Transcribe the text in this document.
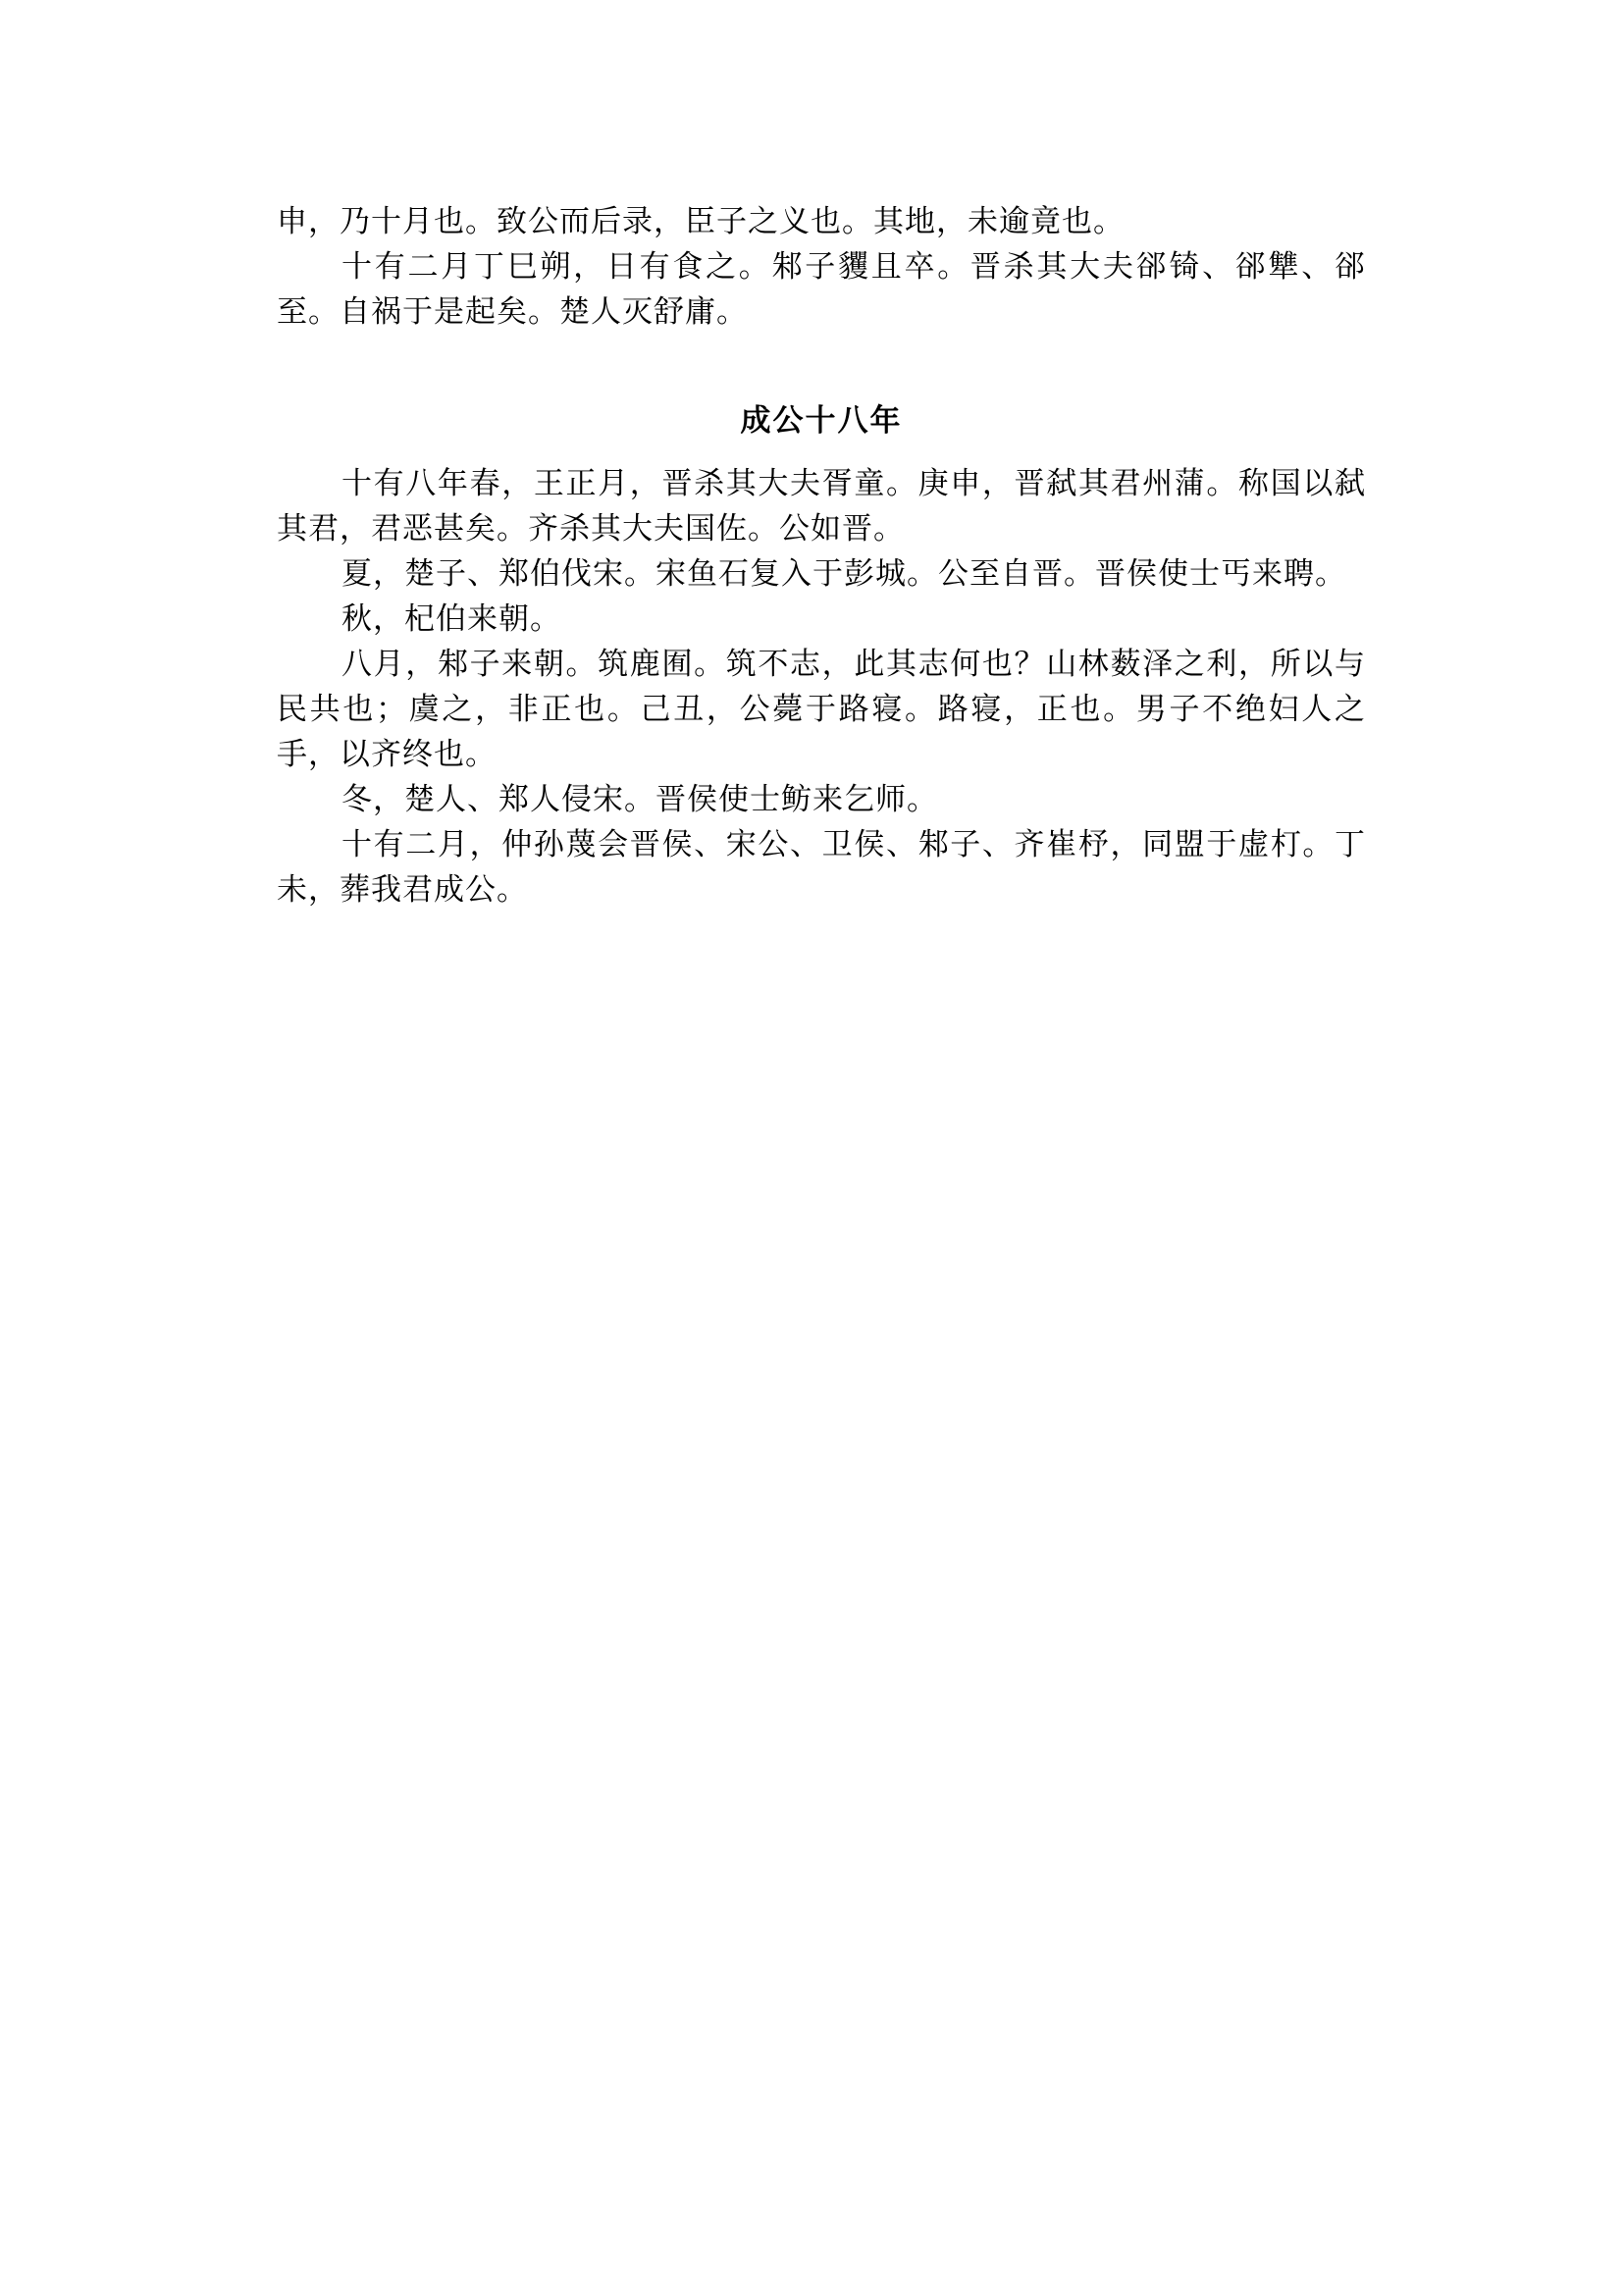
申，乃十月也。致公而后录，臣子之义也。其地，未逾竟也。

十有二月丁巳朔，日有食之。邾子貜且卒。晋杀其大夫郤锜、郤犨、郤至。自祸于是起矣。楚人灭舒庸。

成公十八年

十有八年春，王正月，晋杀其大夫胥童。庚申，晋弑其君州蒲。称国以弑其君，君恶甚矣。齐杀其大夫国佐。公如晋。

夏，楚子、郑伯伐宋。宋鱼石复入于彭城。公至自晋。晋侯使士丐来聘。

秋，杞伯来朝。

八月，邾子来朝。筑鹿囿。筑不志，此其志何也？山林薮泽之利，所以与民共也；虞之，非正也。己丑，公薨于路寝。路寝，正也。男子不绝妇人之手，以齐终也。

冬，楚人、郑人侵宋。晋侯使士鲂来乞师。

十有二月，仲孙蔑会晋侯、宋公、卫侯、邾子、齐崔杼，同盟于虚朾。丁未，葬我君成公。
